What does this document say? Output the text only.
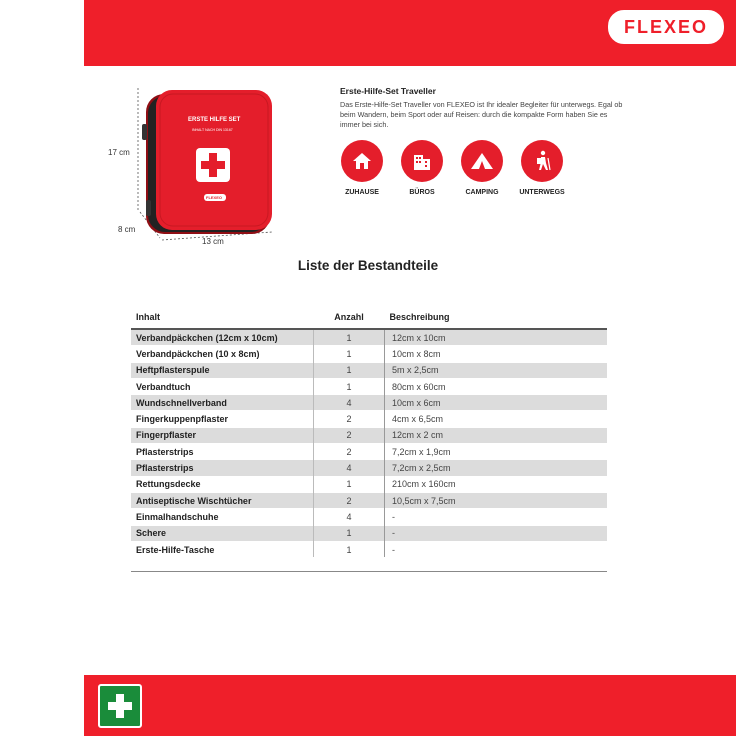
FLEXEO
ERSTE HILFE SET
INHALT NACH DIN 13167
FLEXEO
17 cm
8 cm
13 cm

Erste-Hilfe-Set Traveller

Das Erste-Hilfe-Set Traveller von FLEXEO ist Ihr idealer Begleiter für unterwegs. Egal ob beim Wandern, beim Sport oder auf Reisen: durch die kompakte Form haben Sie es immer bei sich.

ZUHAUSE	BÜROS	CAMPING	UNTERWEGS
Liste der Bestandteile
Inhalt	Anzahl	Beschreibung
Verbandpäckchen (12cm x 10cm)	1	12cm x 10cm
Verbandpäckchen (10 x 8cm)	1	10cm x 8cm
Heftpflasterspule	1	5m x 2,5cm
Verbandtuch	1	80cm x 60cm
Wundschnellverband	4	10cm x 6cm
Fingerkuppenpflaster	2	4cm x 6,5cm
Fingerpflaster	2	12cm x 2 cm
Pflasterstrips	2	7,2cm x 1,9cm
Pflasterstrips	4	7,2cm x 2,5cm
Rettungsdecke	1	210cm x 160cm
Antiseptische Wischtücher	2	10,5cm x 7,5cm
Einmalhandschuhe	4	-
Schere	1	-
Erste-Hilfe-Tasche	1	-
